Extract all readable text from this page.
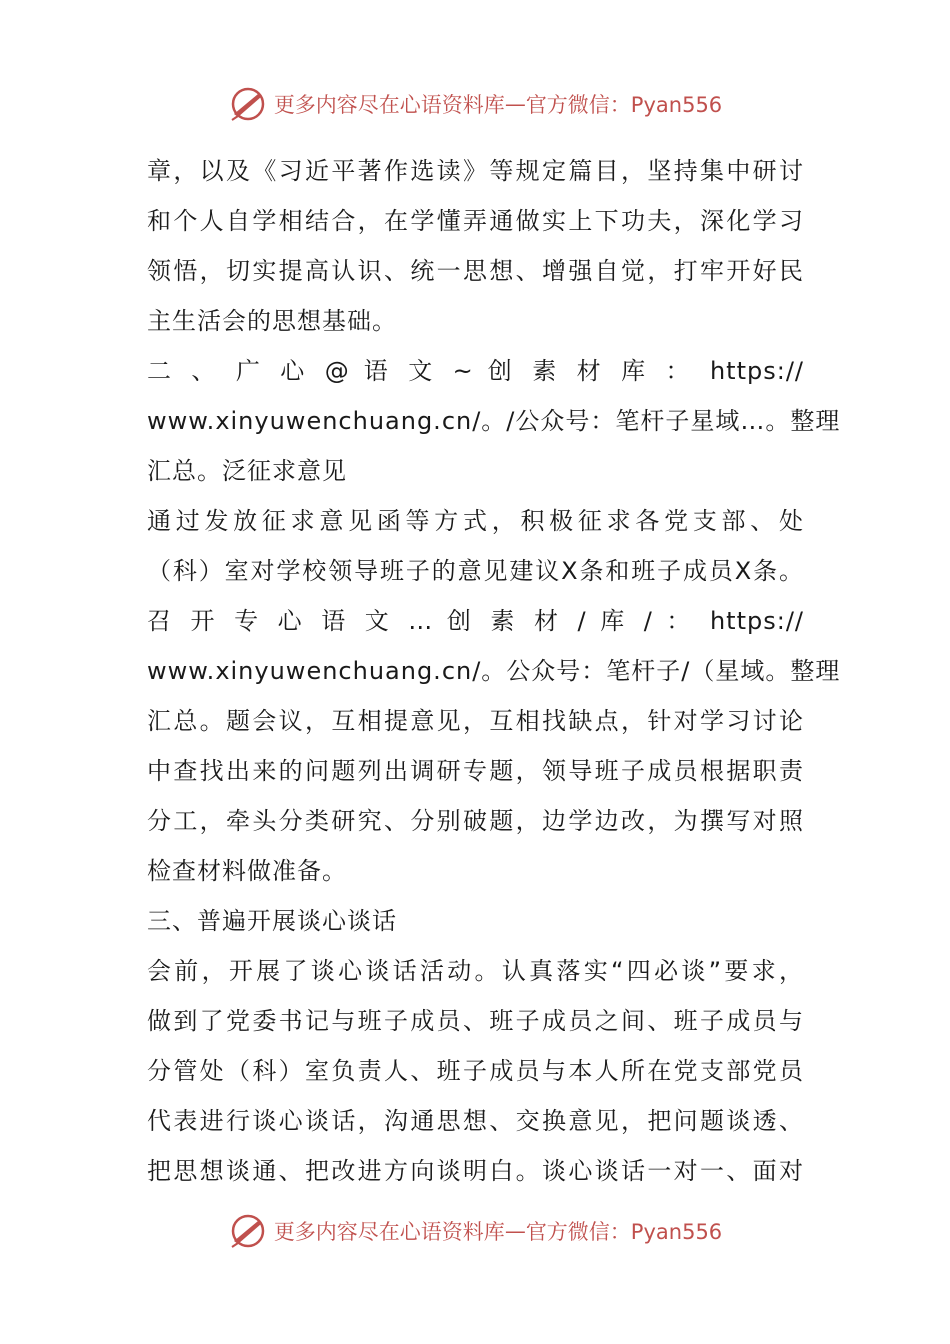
更多内容尽在心语资料库 — 官方微信：Pyan556
章，以及《习近平著作选读》等规定篇目，坚持集中研讨
和个人自学相结合，在学懂弄通做实上下功夫，深化学习
领悟，切实提高认识、统一思想、增强自觉，打牢开好民
主生活会的思想基础。
二 、 广 心 @ 语 文 ~ 创 素 材 库 ： https://
www.xinyuwenchuang.cn/。/公众号：笔杆子星域…。整理
汇总。泛征求意见
通过发放征求意见函等方式，积极征求各党支部、处
（科）室对学校领导班子的意见建议X条和班子成员X条。
召 开 专 心 语 文 … 创 素 材 / 库 / ： https://
www.xinyuwenchuang.cn/。公众号：笔杆子/（星域。整理
汇总。题会议，互相提意见，互相找缺点，针对学习讨论
中查找出来的问题列出调研专题，领导班子成员根据职责
分工，牵头分类研究、分别破题，边学边改，为撰写对照
检查材料做准备。
三、普遍开展谈心谈话
会前，开展了谈心谈话活动。认真落实“四必谈”要求，
做到了党委书记与班子成员、班子成员之间、班子成员与
分管处（科）室负责人、班子成员与本人所在党支部党员
代表进行谈心谈话，沟通思想、交换意见，把问题谈透、
把思想谈通、把改进方向谈明白。谈心谈话一对一、面对
更多内容尽在心语资料库 — 官方微信：Pyan556
